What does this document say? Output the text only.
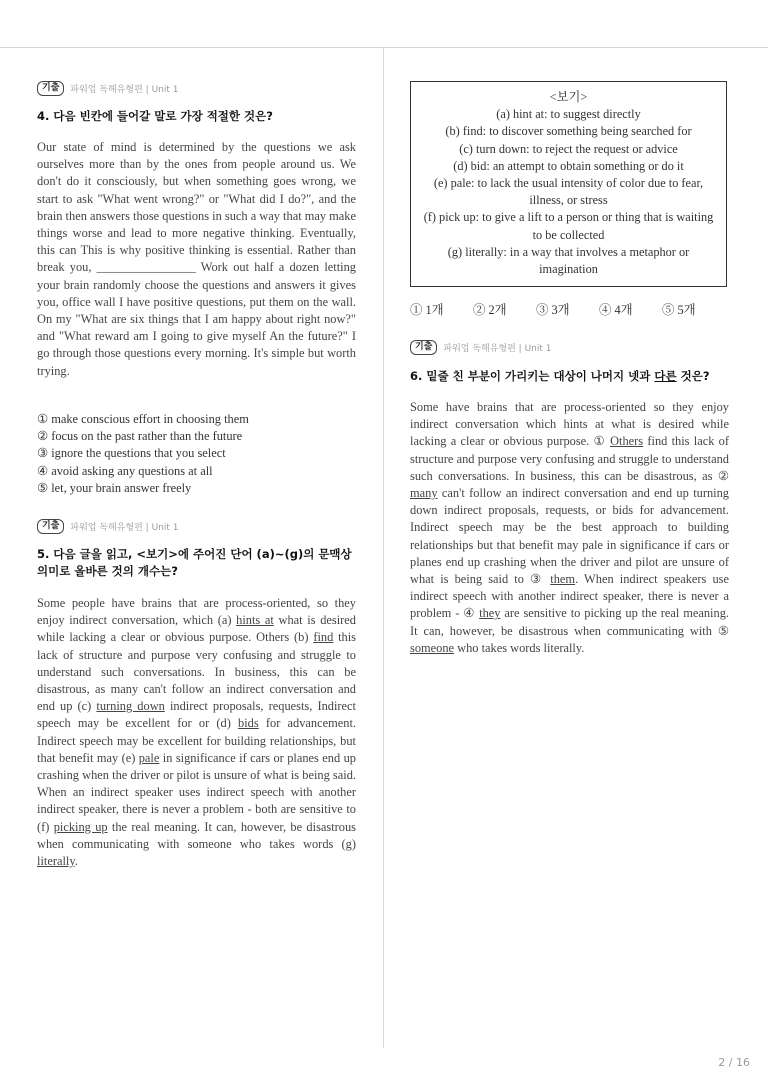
기출	파워업 독해유형편 | Unit 1
4. 다음 빈칸에 들어갈 말로 가장 적절한 것은?
Our state of mind is determined by the questions we ask ourselves more than by the ones from people around us. We don't do it consciously, but when something goes wrong, we start to ask "What went wrong?" or "What did I do?", and the brain then answers those questions in such a way that may make things worse and lead to more negative thinking. Eventually, this can This is why positive thinking is essential. Rather than break you, ________________ Work out half a dozen letting your brain randomly choose the questions and answers it gives you, office wall I have positive questions, put them on the wall. On my "What are six things that I am happy about right now?" and "What reward am I going to give myself An the future?" I go through those questions every morning. It's simple but worth trying.
① make conscious effort in choosing them
② focus on the past rather than the future
③ ignore the questions that you select
④ avoid asking any questions at all
⑤ let, your brain answer freely
기출	파워업 독해유형편 | Unit 1
5. 다음 글을 읽고, <보기>에 주어진 단어 (a)~(g)의 문맥상 의미로 올바른 것의 개수는?
Some people have brains that are process-oriented, so they enjoy indirect conversation, which (a) hints at what is desired while lacking a clear or obvious purpose. Others (b) find this lack of structure and purpose very confusing and struggle to understand such conversations. In business, this can be disastrous, as many can't follow an indirect conversation and end up (c) turning down indirect proposals, requests, Indirect speech may be excellent for or (d) bids for advancement. Indirect speech may be excellent for building relationships, but that benefit may (e) pale in significance if cars or planes end up crashing when the driver or pilot is unsure of what is being said. When an indirect speaker uses indirect speech with another indirect speaker, there is never a problem - both are sensitive to (f) picking up the real meaning. It can, however, be disastrous when communicating with someone who takes words (g) literally.
<보기>
(a) hint at: to suggest directly
(b) find: to discover something being searched for
(c) turn down: to reject the request or advice
(d) bid: an attempt to obtain something or do it
(e) pale: to lack the usual intensity of color due to fear, illness, or stress
(f) pick up: to give a lift to a person or thing that is waiting to be collected
(g) literally: in a way that involves a metaphor or imagination
① 1개	② 2개	③ 3개	④ 4개	⑤ 5개
기출	파워업 독해유형편 | Unit 1
6. 밑줄 친 부분이 가리키는 대상이 나머지 넷과 다른 것은?
Some have brains that are process-oriented so they enjoy indirect conversation which hints at what is desired while lacking a clear or obvious purpose. ① Others find this lack of structure and purpose very confusing and struggle to understand such conversations. In business, this can be disastrous, as ② many can't follow an indirect conversation and end up turning down indirect proposals, requests, or bids for advancement. Indirect speech may be the best approach to building relationships but that benefit may pale in significance if cars or planes end up crashing when the driver and pilot are unsure of what is being said to ③ them. When indirect speakers use indirect speech with another indirect speaker, there is never a problem - ④ they are sensitive to picking up the real meaning. It can, however, be disastrous when communicating with ⑤ someone who takes words literally.
2 / 16
